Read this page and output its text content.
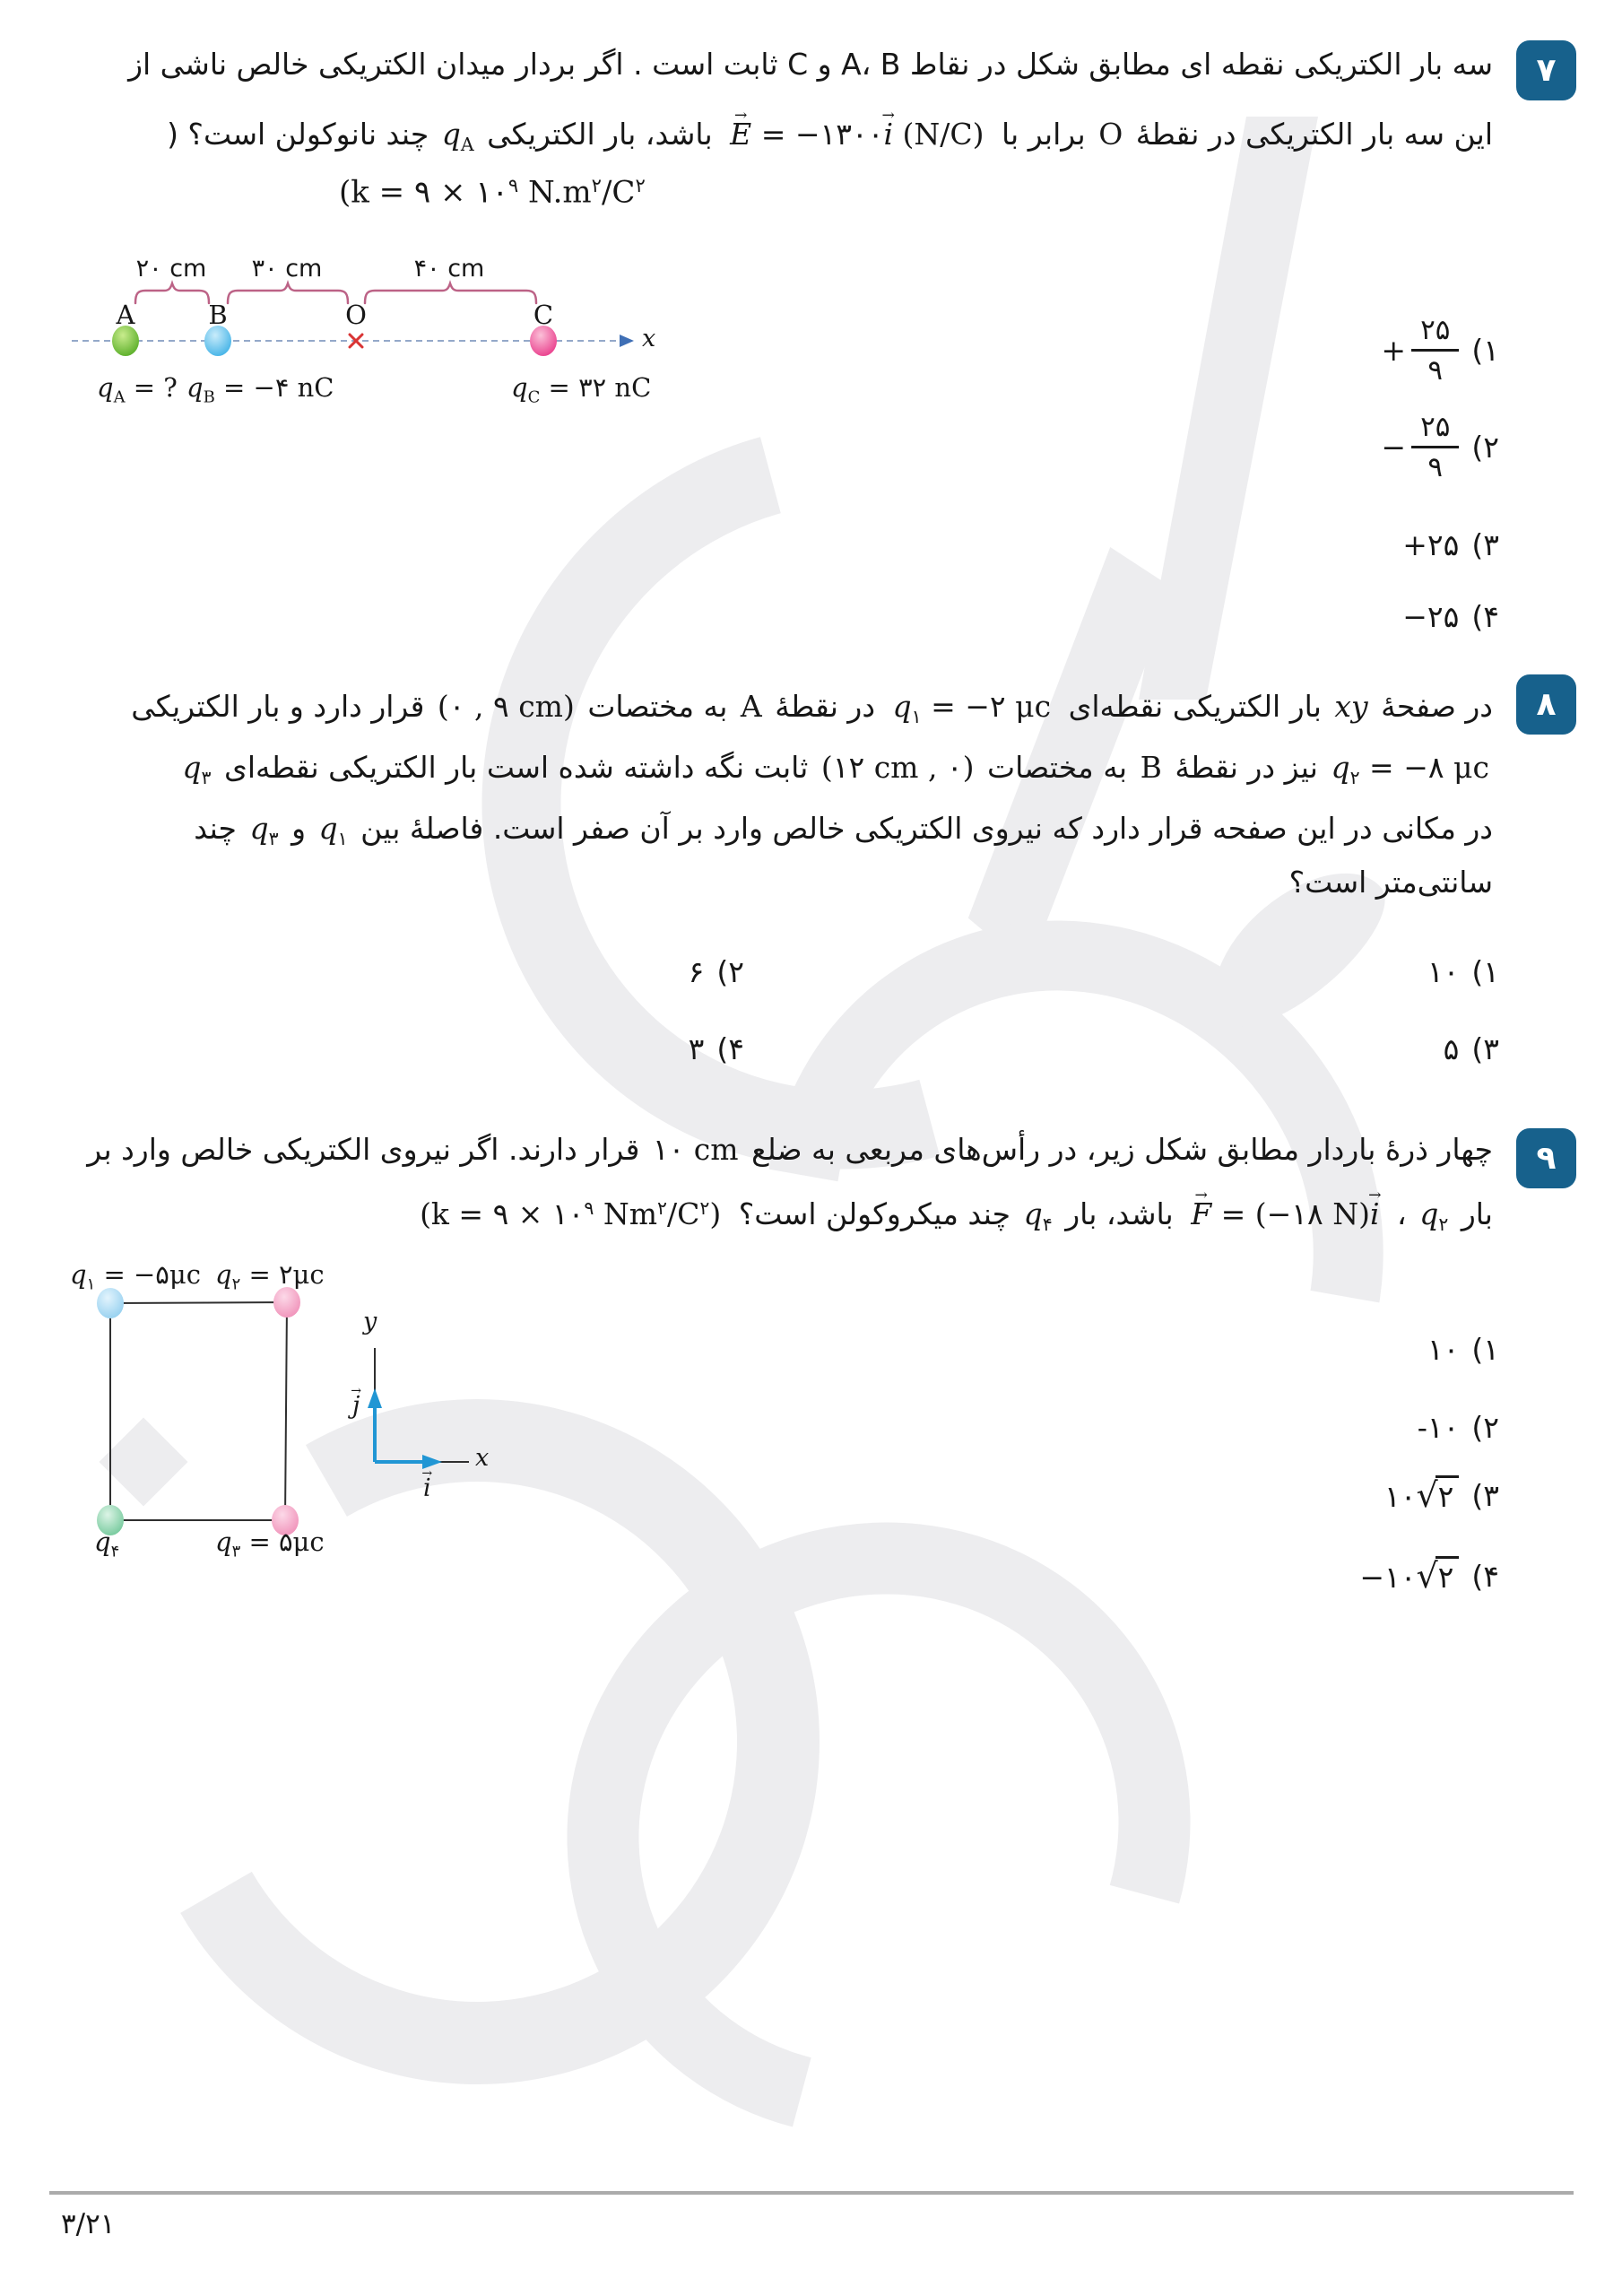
۷
سه بار الکتریکی نقطه ای مطابق شکل در نقاط A، B و C ثابت است . اگر بردار میدان الکتریکی خالص ناشی از
این سه بار الکتریکی در نقطهٔ O برابر با → E = −۱۳۰۰→ i (N/C) باشد، بار الکتریکی $q_A$ چند نانوکولن است؟ (
(k = ۹ × $۱۰^۹$ $N.m^۲/C^۲$
۲۰ cm ۳۰ cm	۴۰ cm
A	B	O	C
x
$q_A$ = ? $q_B$ = −۴ nC	$q_C$ = ۳۲ nC
۱)
+ $\frac{۲۵}{۹}$
۲)
− $\frac{۲۵}{۹}$
۳)
+۲۵
۴)
−۲۵
۸
در صفحهٔ xy بار الکتریکی نقطه‌ای $q_۱$ = −۲ μc در نقطهٔ A به مختصات (۰ , ۹ cm) قرار دارد و بار الکتریکی
$q_۲$ = −۸ μc نیز در نقطهٔ B به مختصات (۱۲ cm , ۰) ثابت نگه داشته شده است بار الکتریکی نقطه‌ای $q_۳$
در مکانی در این صفحه قرار دارد که نیروی الکتریکی خالص وارد بر آن صفر است. فاصلهٔ بین $q_۱$ و $q_۳$ چند
سانتی‌متر است؟
۱)
۱۰
۲)
۶
۳)
۵
۴)
۳
۹
چهار ذرهٔ باردار مطابق شکل زیر، در رأس‌های مربعی به ضلع ۱۰ cm قرار دارند. اگر نیروی الکتریکی خالص وارد بر
بار $q_۲$ ، → F = (−۱۸ N)→ i باشد، بار $q_۴$ چند میکروکولن است؟ (k = ۹ × $۱۰^۹$ $Nm^۲/C^۲$)
$q_۱$ = −۵μc $q_۲$ = ۲μc
$q_۴$	$q_۳$ = ۵μc
y
x
→ j
→ i
۱)
۱۰
۲)
-۱۰
۳)
۱۰√۲
۴)
−۱۰√۲
۳/۲۱
